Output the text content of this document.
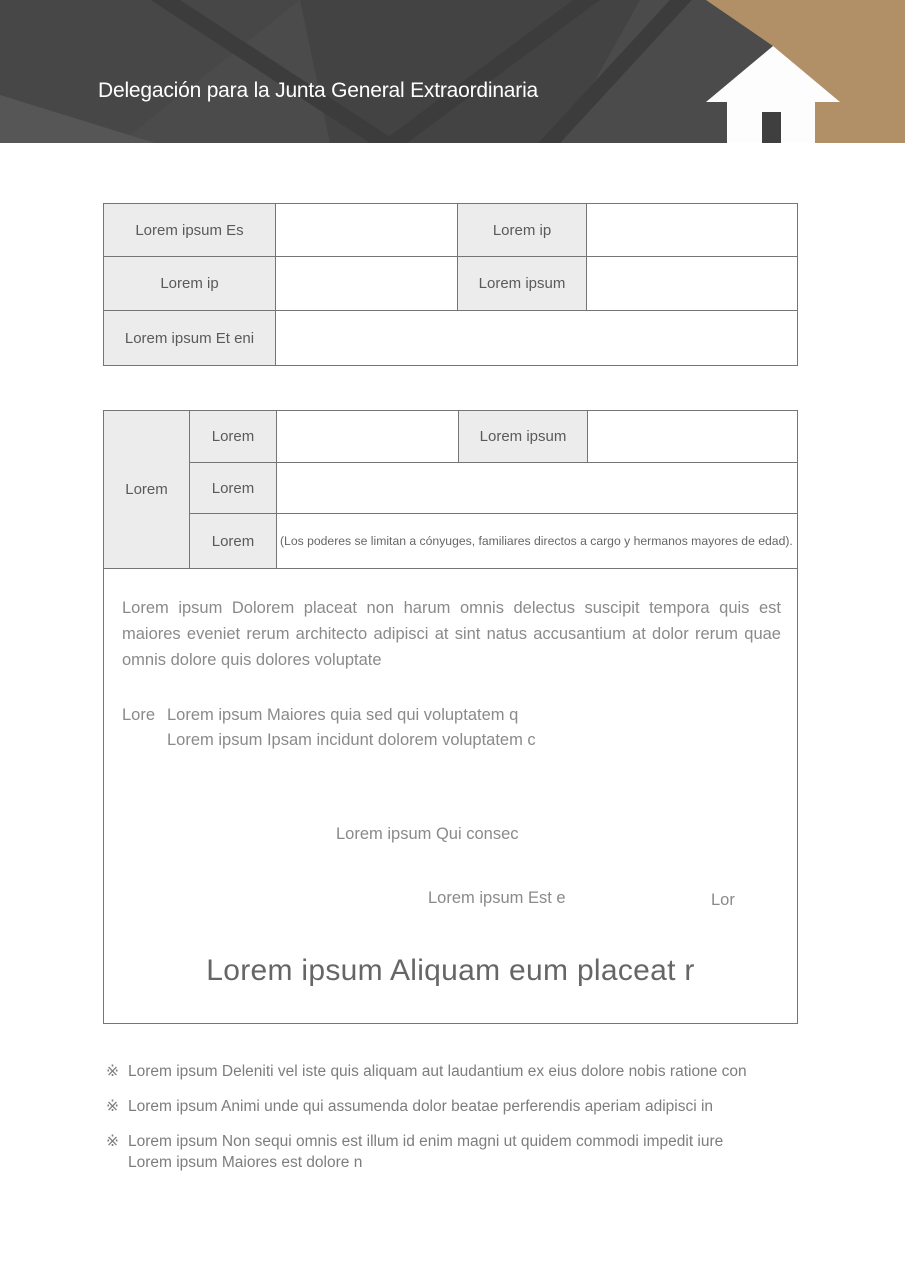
Delegación para la Junta General Extraordinaria
Lorem ipsum Es		Lorem ip	
Lorem ip		Lorem ipsum	
Lorem ipsum Et eni			
Lorem	Lorem		Lorem ipsum	
	Lorem			
	Lorem	(Los poderes se limitan a cónyuges, familiares directos a cargo y hermanos mayores de edad).		

Lorem ipsum Dolorem placeat non harum omnis delectus suscipit tempora quis est maiores eveniet rerum architecto adipisci at sint natus accusantium at dolor rerum quae omnis dolore quis dolores voluptate
Lore Lorem ipsum Maiores quia sed qui voluptatem q
Lorem ipsum Ipsam incidunt dolorem voluptatem c
Lorem ipsum Qui consec
Lorem ipsum Est e	Lor
Lorem ipsum Aliquam eum placeat r
※ Lorem ipsum Deleniti vel iste quis aliquam aut laudantium ex eius dolore nobis ratione con
※ Lorem ipsum Animi unde qui assumenda dolor beatae perferendis aperiam adipisci in
※ Lorem ipsum Non sequi omnis est illum id enim magni ut quidem commodi impedit iure
Lorem ipsum Maiores est dolore n
